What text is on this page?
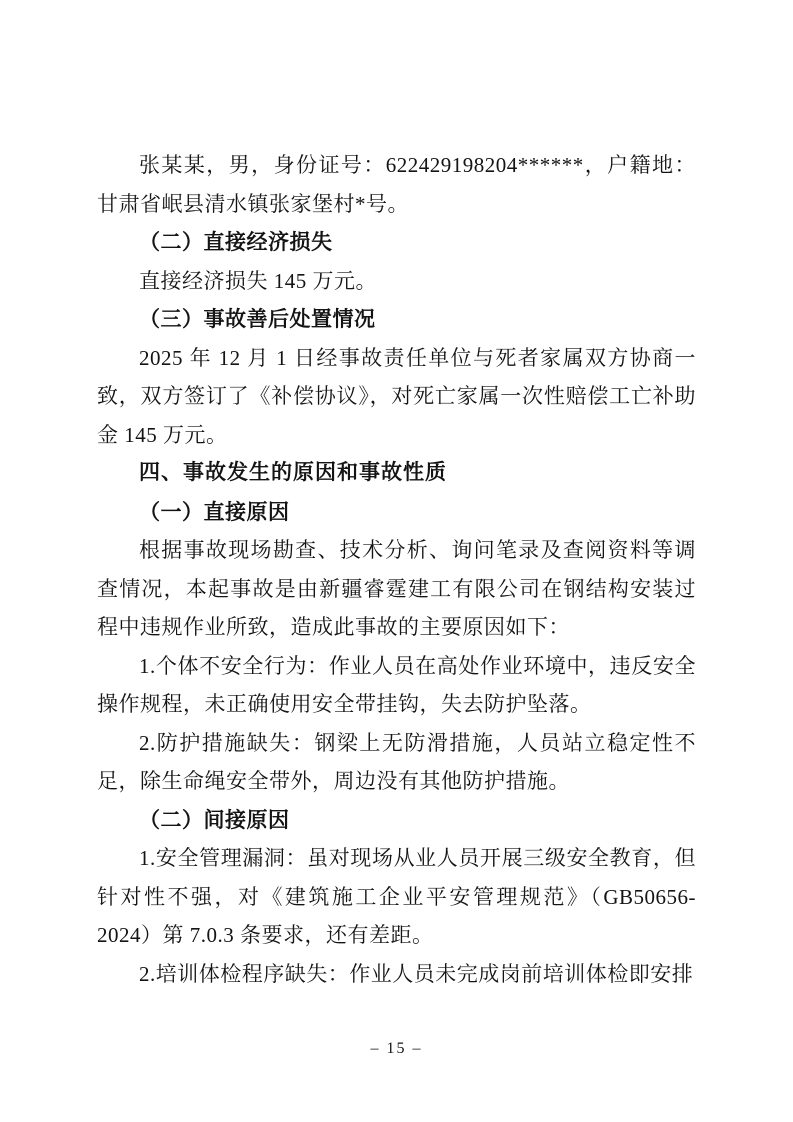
张某某，男，身份证号：622429198204******，户籍地：甘肃省岷县清水镇张家堡村*号。

（二）直接经济损失

直接经济损失 145 万元。

（三）事故善后处置情况

2025 年 12 月 1 日经事故责任单位与死者家属双方协商一致，双方签订了《补偿协议》，对死亡家属一次性赔偿工亡补助金 145 万元。

四、事故发生的原因和事故性质

（一）直接原因

根据事故现场勘查、技术分析、询问笔录及查阅资料等调查情况，本起事故是由新疆睿霆建工有限公司在钢结构安装过程中违规作业所致，造成此事故的主要原因如下：

1.个体不安全行为：作业人员在高处作业环境中，违反安全操作规程，未正确使用安全带挂钩，失去防护坠落。

2.防护措施缺失：钢梁上无防滑措施，人员站立稳定性不足，除生命绳安全带外，周边没有其他防护措施。

（二）间接原因

1.安全管理漏洞：虽对现场从业人员开展三级安全教育，但针对性不强，对《建筑施工企业平安管理规范》（GB50656-2024）第 7.0.3 条要求，还有差距。

2.培训体检程序缺失：作业人员未完成岗前培训体检即安排

– 15 –
